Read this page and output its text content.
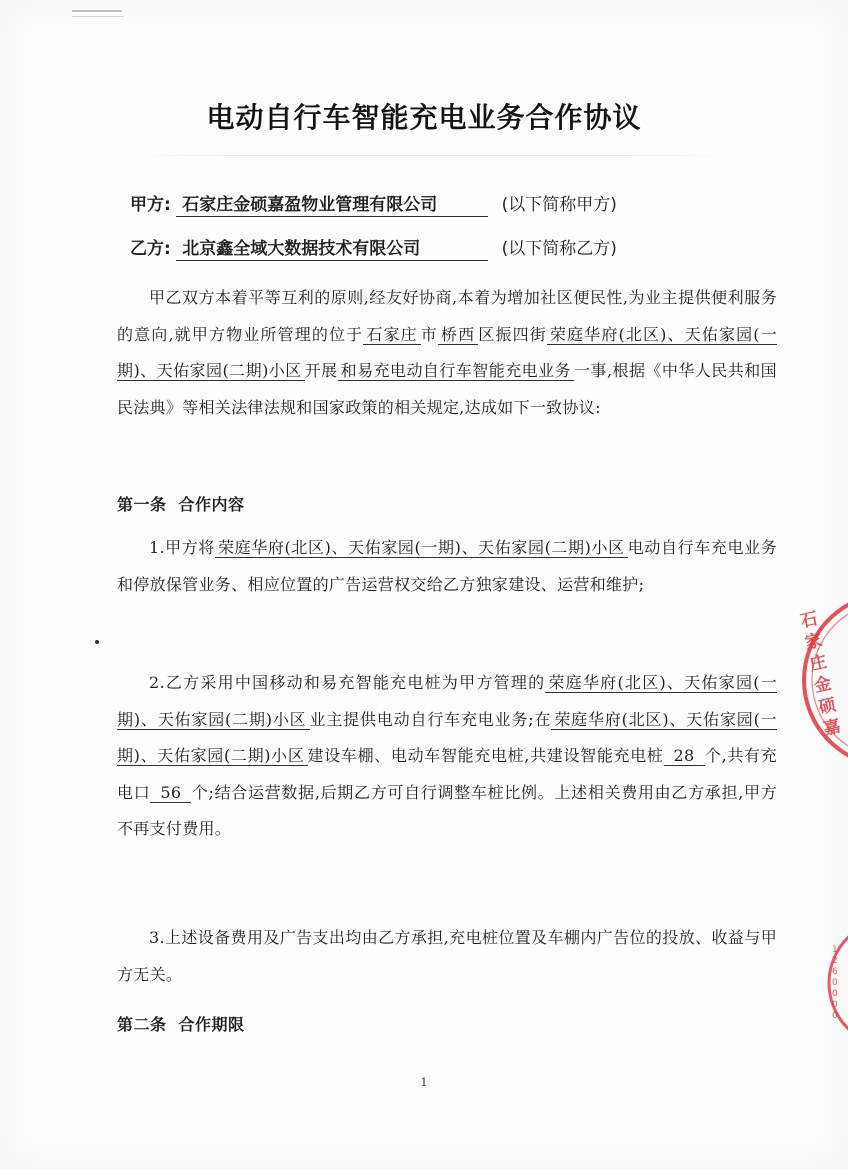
电动自行车智能充电业务合作协议
甲方: 石家庄金硕嘉盈物业管理有限公司	(以下简称甲方)
乙方: 北京鑫全域大数据技术有限公司	(以下简称乙方)
甲乙双方本着平等互利的原则,经友好协商,本着为增加社区便民性,为业主提供便利服务的意向,就甲方物业所管理的位于 石家庄 市 桥西 区振四街 荣庭华府(北区)、天佑家园(一期)、天佑家园(二期)小区 开展 和易充电动自行车智能充电业务 一事,根据《中华人民共和国民法典》等相关法律法规和国家政策的相关规定,达成如下一致协议:
第一条 合作内容
1.甲方将 荣庭华府(北区)、天佑家园(一期)、天佑家园(二期)小区 电动自行车充电业务和停放保管业务、相应位置的广告运营权交给乙方独家建设、运营和维护;
2.乙方采用中国移动和易充智能充电桩为甲方管理的 荣庭华府(北区)、天佑家园(一期)、天佑家园(二期)小区 业主提供电动自行车充电业务;在 荣庭华府(北区)、天佑家园(一期)、天佑家园(二期)小区 建设车棚、电动车智能充电桩,共建设智能充电桩 28 个,共有充电口 56 个;结合运营数据,后期乙方可自行调整车桩比例。上述相关费用由乙方承担,甲方不再支付费用。
3.上述设备费用及广告支出均由乙方承担,充电桩位置及车棚内广告位的投放、收益与甲方无关。
第二条 合作期限
1
石家庄金硕嘉
1260000
